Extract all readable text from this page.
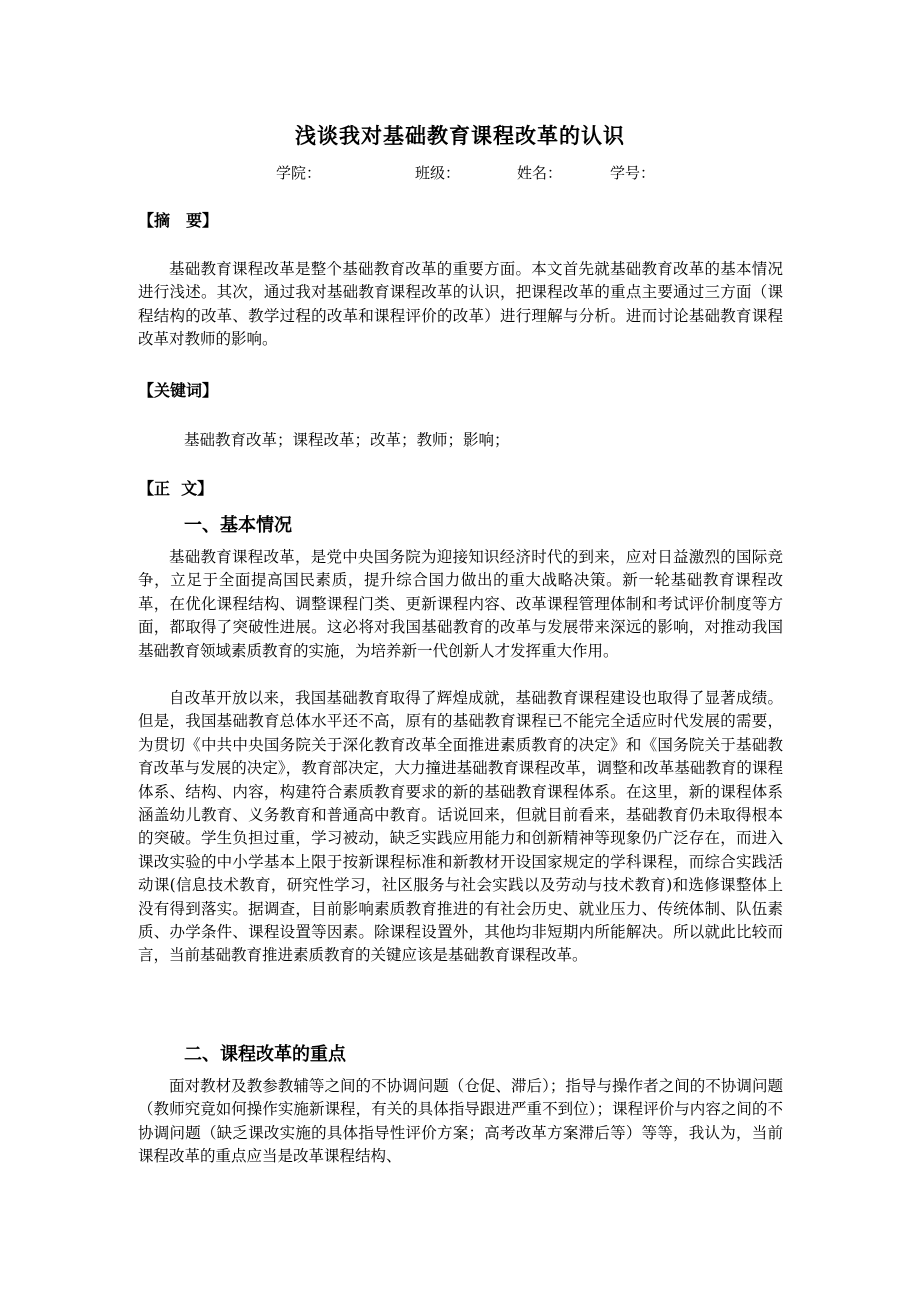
浅谈我对基础教育课程改革的认识
学院：	班级：	姓名：	学号：
【摘　要】

基础教育课程改革是整个基础教育改革的重要方面。本文首先就基础教育改革的基本情况进行浅述。其次，通过我对基础教育课程改革的认识，把课程改革的重点主要通过三方面（课程结构的改革、教学过程的改革和课程评价的改革）进行理解与分析。进而讨论基础教育课程改革对教师的影响。

【关键词】
基础教育改革；课程改革；改革；教师；影响；
【正  文】
一、基本情况

基础教育课程改革，是党中央国务院为迎接知识经济时代的到来，应对日益激烈的国际竞争，立足于全面提高国民素质，提升综合国力做出的重大战略决策。新一轮基础教育课程改革，在优化课程结构、调整课程门类、更新课程内容、改革课程管理体制和考试评价制度等方面，都取得了突破性进展。这必将对我国基础教育的改革与发展带来深远的影响，对推动我国基础教育领域素质教育的实施，为培养新一代创新人才发挥重大作用。

自改革开放以来，我国基础教育取得了辉煌成就，基础教育课程建设也取得了显著成绩。但是，我国基础教育总体水平还不高，原有的基础教育课程已不能完全适应时代发展的需要，为贯切《中共中央国务院关于深化教育改革全面推进素质教育的决定》和《国务院关于基础教育改革与发展的决定》，教育部决定，大力撞进基础教育课程改革，调整和改革基础教育的课程体系、结构、内容，构建符合素质教育要求的新的基础教育课程体系。在这里，新的课程体系涵盖幼儿教育、义务教育和普通高中教育。话说回来，但就目前看来，基础教育仍未取得根本的突破。学生负担过重，学习被动，缺乏实践应用能力和创新精神等现象仍广泛存在，而进入课改实验的中小学基本上限于按新课程标准和新教材开设国家规定的学科课程，而综合实践活动课(信息技术教育，研究性学习，社区服务与社会实践以及劳动与技术教育)和选修课整体上没有得到落实。据调查，目前影响素质教育推进的有社会历史、就业压力、传统体制、队伍素质、办学条件、课程设置等因素。除课程设置外，其他均非短期内所能解决。所以就此比较而言，当前基础教育推进素质教育的关键应该是基础教育课程改革。

二、课程改革的重点

面对教材及教参教辅等之间的不协调问题（仓促、滞后）；指导与操作者之间的不协调问题（教师究竟如何操作实施新课程，有关的具体指导跟进严重不到位）；课程评价与内容之间的不协调问题（缺乏课改实施的具体指导性评价方案；高考改革方案滞后等）等等，我认为，当前课程改革的重点应当是改革课程结构、
